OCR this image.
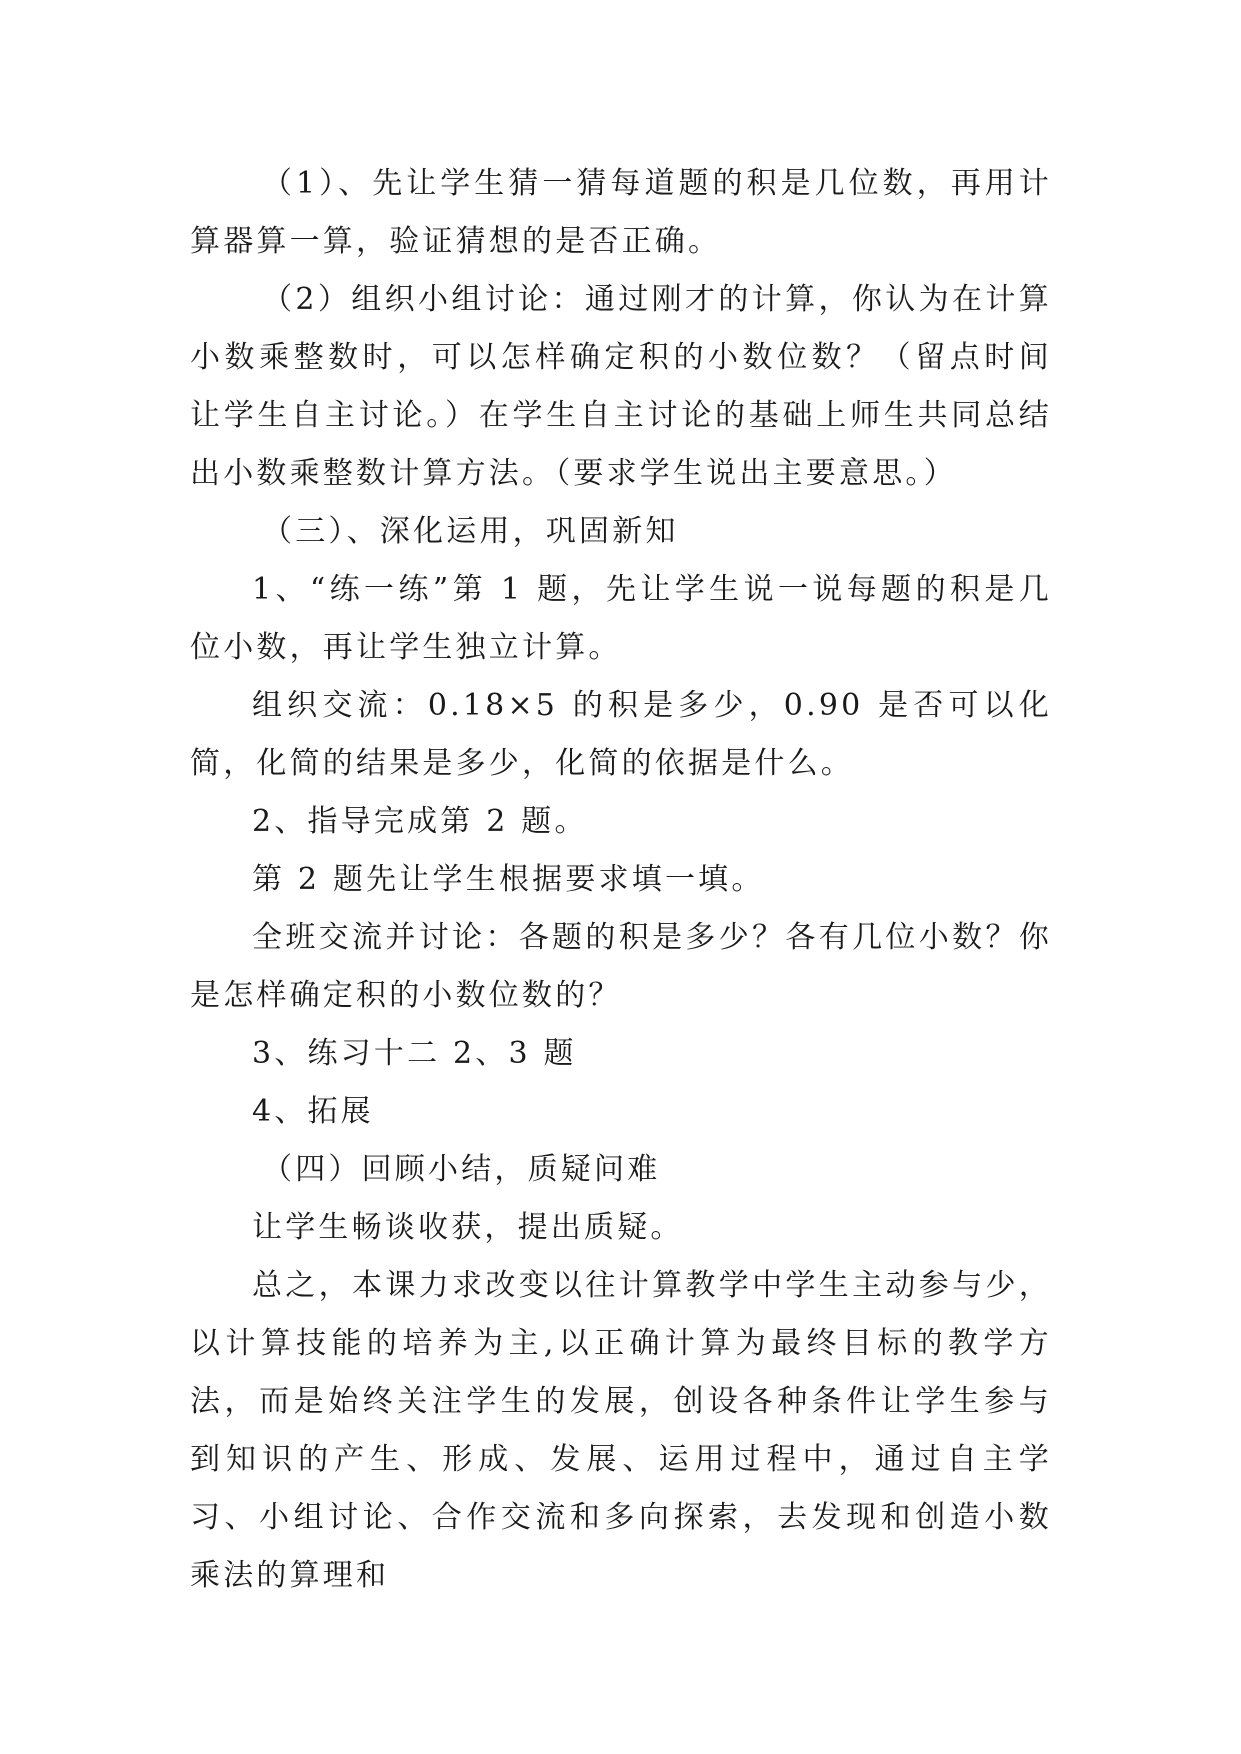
（1）、先让学生猜一猜每道题的积是几位数，再用计算器算一算，验证猜想的是否正确。

（2）组织小组讨论：通过刚才的计算，你认为在计算小数乘整数时，可以怎样确定积的小数位数？（留点时间让学生自主讨论。）在学生自主讨论的基础上师生共同总结出小数乘整数计算方法。（要求学生说出主要意思。）

（三）、深化运用，巩固新知

1、“练一练”第 1 题，先让学生说一说每题的积是几位小数，再让学生独立计算。

组织交流：0.18×5 的积是多少，0.90 是否可以化简，化简的结果是多少，化简的依据是什么。

2、指导完成第 2 题。

第 2 题先让学生根据要求填一填。

全班交流并讨论：各题的积是多少？各有几位小数？你是怎样确定积的小数位数的？

3、练习十二 2、3 题

4、拓展

（四）回顾小结，质疑问难

让学生畅谈收获，提出质疑。

总之，本课力求改变以往计算教学中学生主动参与少，以计算技能的培养为主,以正确计算为最终目标的教学方法，而是始终关注学生的发展，创设各种条件让学生参与到知识的产生、形成、发展、运用过程中，通过自主学习、小组讨论、合作交流和多向探索，去发现和创造小数乘法的算理和
